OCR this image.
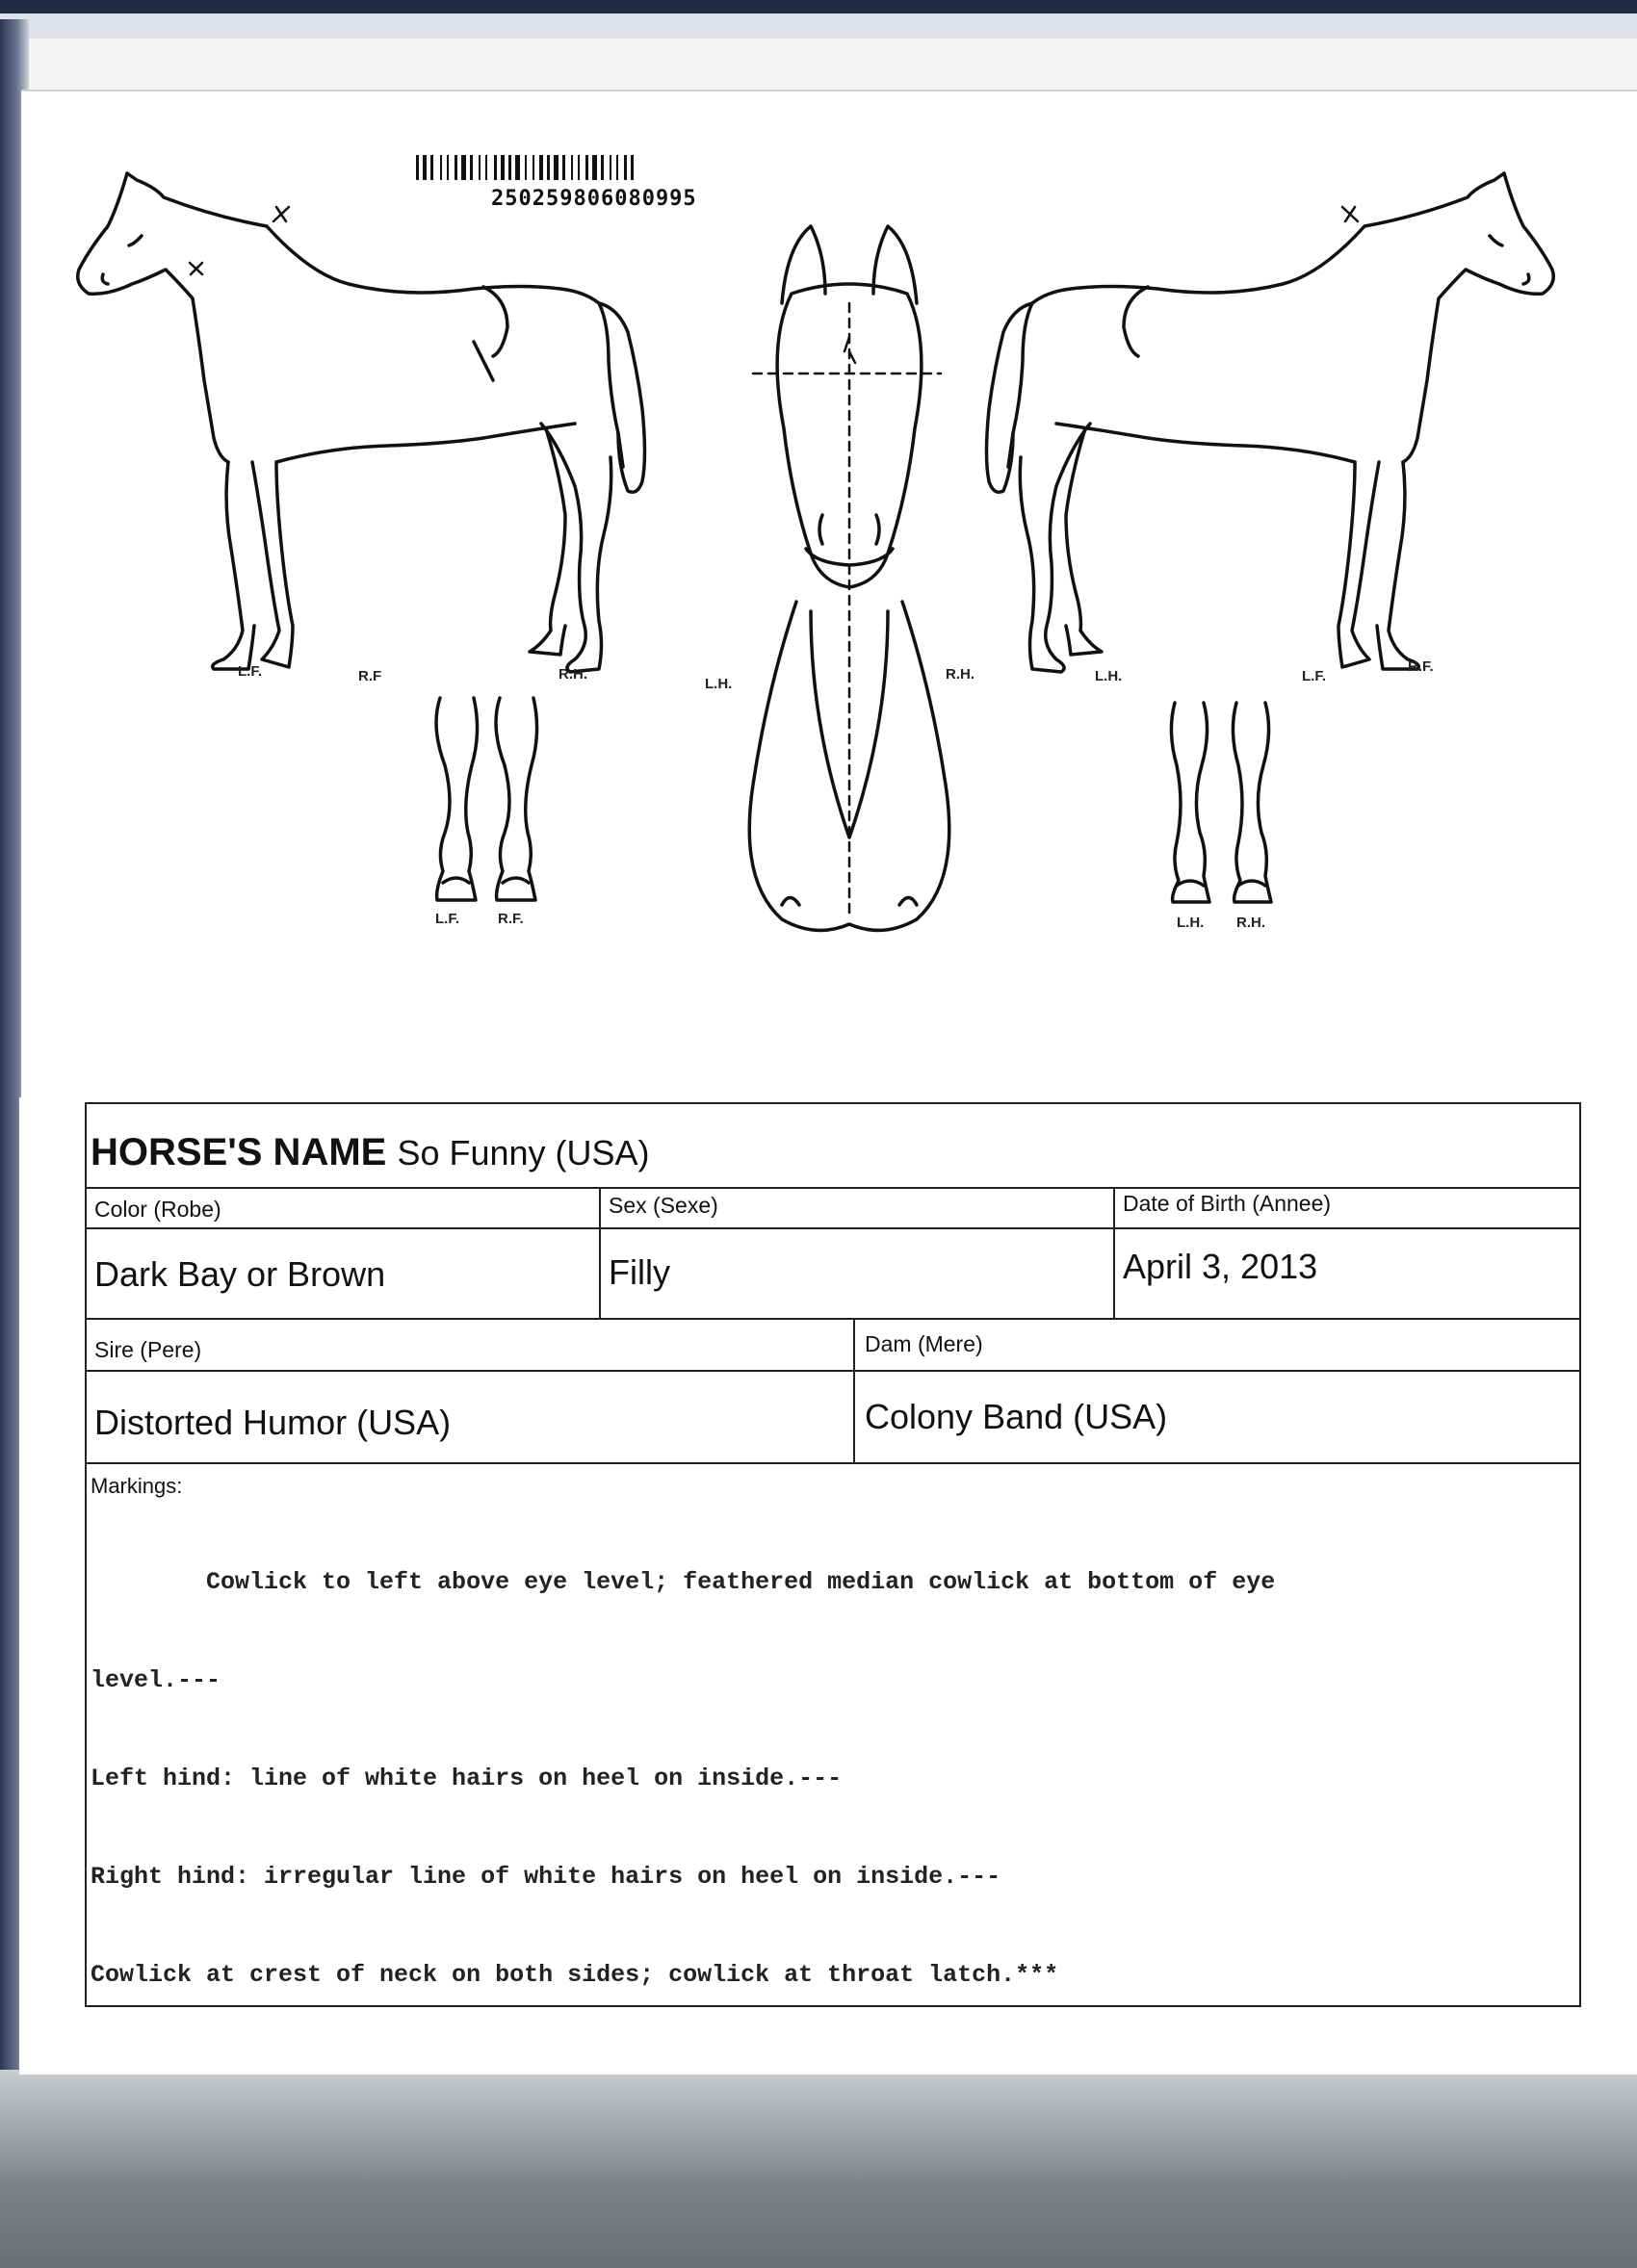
250259806080995
L.F.	R.F	R.H.
L.H.
R.H.	L.H.	L.F.
R.F.
L.F.	R.F.	L.H. R.H.
HORSE'S NAME So Funny (USA)
Color (Robe)	Sex (Sexe)	Date of Birth (Annee)
Dark Bay or Brown	Filly	April 3, 2013
Sire (Pere)	Dam (Mere)
Distorted Humor (USA)	Colony Band (USA)
Markings:

Cowlick to left above eye level; feathered median cowlick at bottom of eye

level.---

Left hind: line of white hairs on heel on inside.---

Right hind: irregular line of white hairs on heel on inside.---

Cowlick at crest of neck on both sides; cowlick at throat latch.***
